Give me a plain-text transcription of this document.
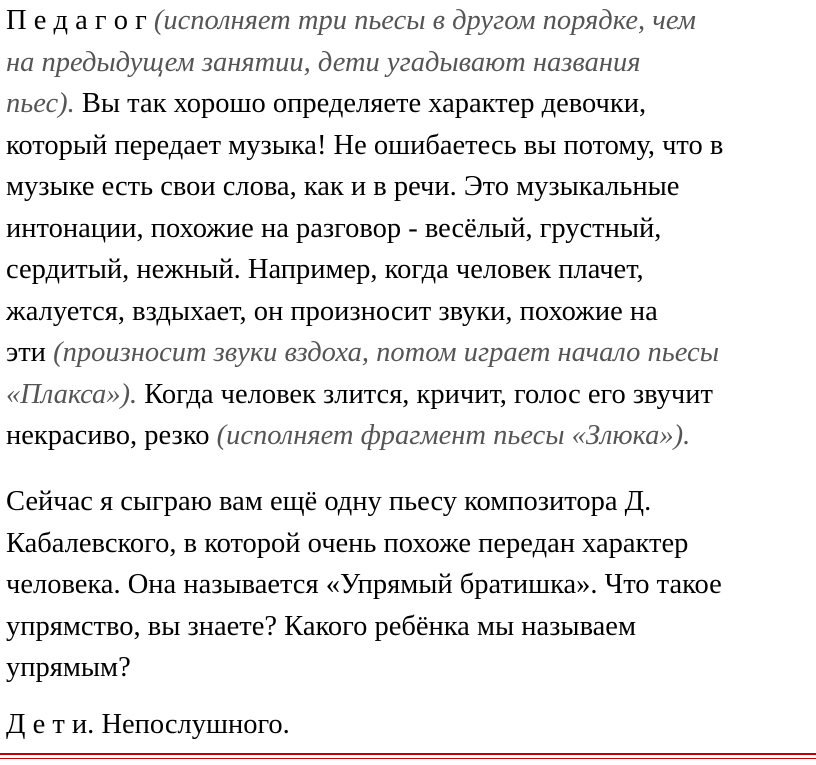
П е д а г о г (исполняет три пьесы в другом порядке, чем
на предыдущем занятии, дети угадывают названия
пьес). Вы так хорошо определяете характер девочки,
который передает музыка! Не ошибаетесь вы потому, что в
музыке есть свои слова, как и в речи. Это музыкальные
интонации, похожие на разговор - весёлый, грустный,
сердитый, нежный. Например, когда человек плачет,
жалуется, вздыхает, он произносит звуки, похожие на
эти (произносит звуки вздоха, потом играет начало пьесы
«Плакса»). Когда человек злится, кричит, голос его звучит
некрасиво, резко (исполняет фрагмент пьесы «Злюка»).

Сейчас я сыграю вам ещё одну пьесу композитора Д.
Кабалевского, в которой очень похоже передан характер
человека. Она называется «Упрямый братишка». Что такое
упрямство, вы знаете? Какого ребёнка мы называем
упрямым?

Д е т и. Непослушного.
